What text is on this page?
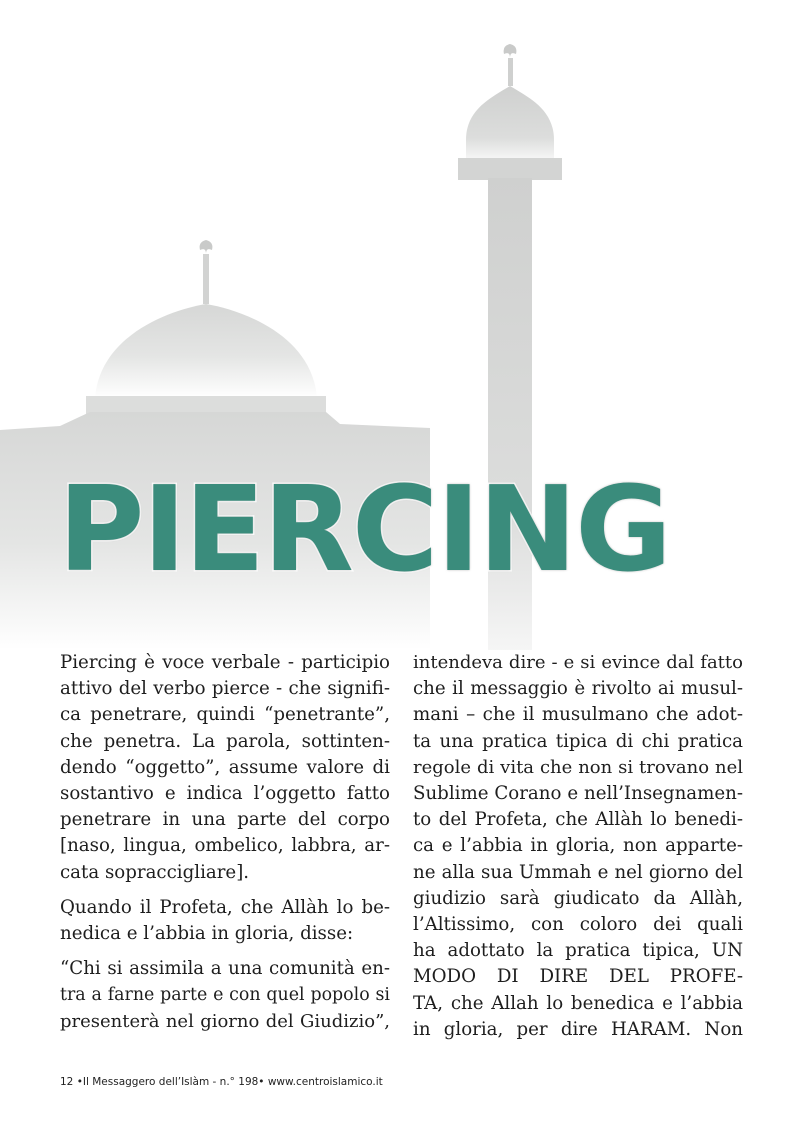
PIERCING

Piercing è voce verbale - participio
attivo del verbo pierce - che signifi-
ca penetrare, quindi “penetrante”,
che penetra. La parola, sottinten-
dendo “oggetto”, assume valore di
sostantivo e indica l’oggetto fatto
penetrare in una parte del corpo
[naso, lingua, ombelico, labbra, ar-
cata sopraccigliare].

Quando il Profeta, che Allàh lo be-
nedica e l’abbia in gloria, disse:

“Chi si assimila a una comunità en-
tra a farne parte e con quel popolo si
presenterà nel giorno del Giudizio”,

intendeva dire - e si evince dal fatto
che il messaggio è rivolto ai musul-
mani – che il musulmano che adot-
ta una pratica tipica di chi pratica
regole di vita che non si trovano nel
Sublime Corano e nell’Insegnamen-
to del Profeta, che Allàh lo benedi-
ca e l’abbia in gloria, non apparte-
ne alla sua Ummah e nel giorno del
giudizio sarà giudicato da Allàh,
l’Altissimo, con coloro dei quali
ha adottato la pratica tipica, UN
MODO DI DIRE DEL PROFE-
TA, che Allah lo benedica e l’abbia
in gloria, per dire HARAM. Non

12 •Il Messaggero dell’Islàm - n.° 198• www.centroislamico.it
